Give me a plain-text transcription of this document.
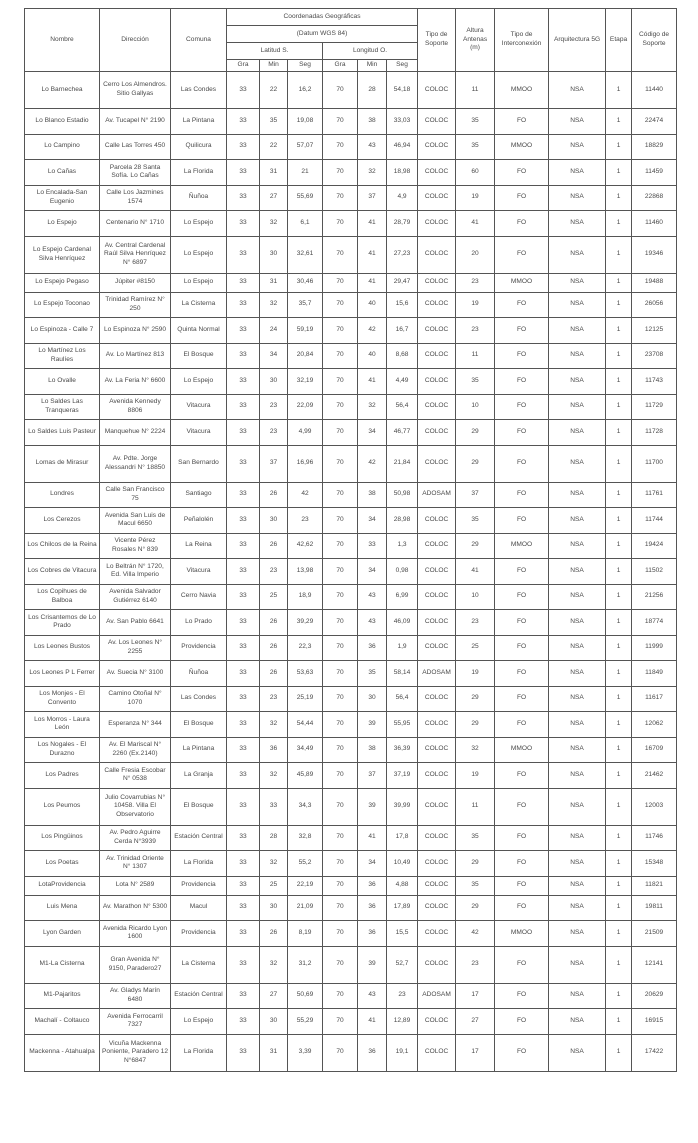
Nombre	Dirección	Comuna	Coordenadas Geográficas						Tipo de Soporte	Altura Antenas (m)	Tipo de Interconexión	Arquitectura 5G	Etapa	Código de Soporte
			(Datum WGS 84)											
			Latitud S.			Longitud O.								
			Gra	Min	Seg	Gra	Min	Seg						
Lo Barnechea	Cerro Los Almendros. Sitio Gallyas	Las Condes	33	22	16,2	70	28	54,18	COLOC	11	MMOO	NSA	1	11440
Lo Blanco Estadio	Av. Tucapel N° 2190	La Pintana	33	35	19,08	70	38	33,03	COLOC	35	FO	NSA	1	22474
Lo Campino	Calle Las Torres 450	Quilicura	33	22	57,07	70	43	46,94	COLOC	35	MMOO	NSA	1	18829
Lo Cañas	Parcela 28 Santa Sofía. Lo Cañas	La Florida	33	31	21	70	32	18,98	COLOC	60	FO	NSA	1	11459
Lo Encalada-San Eugenio	Calle Los Jazmines 1574	Ñuñoa	33	27	55,69	70	37	4,9	COLOC	19	FO	NSA	1	22868
Lo Espejo	Centenario N° 1710	Lo Espejo	33	32	6,1	70	41	28,79	COLOC	41	FO	NSA	1	11460
Lo Espejo Cardenal Silva Henríquez	Av. Central Cardenal Raúl Silva Henríquez N° 6897	Lo Espejo	33	30	32,61	70	41	27,23	COLOC	20	FO	NSA	1	19346
Lo Espejo Pegaso	Júpiter #8150	Lo Espejo	33	31	30,46	70	41	29,47	COLOC	23	MMOO	NSA	1	19488
Lo Espejo Toconao	Trinidad Ramírez N° 250	La Cisterna	33	32	35,7	70	40	15,6	COLOC	19	FO	NSA	1	26056
Lo Espinoza - Calle 7	Lo Espinoza N° 2590	Quinta Normal	33	24	59,19	70	42	16,7	COLOC	23	FO	NSA	1	12125
Lo Martínez Los Raulíes	Av. Lo Martínez 813	El Bosque	33	34	20,84	70	40	8,68	COLOC	11	FO	NSA	1	23708
Lo Ovalle	Av. La Feria N° 6600	Lo Espejo	33	30	32,19	70	41	4,49	COLOC	35	FO	NSA	1	11743
Lo Saldes Las Tranqueras	Avenida Kennedy 8806	Vitacura	33	23	22,09	70	32	56,4	COLOC	10	FO	NSA	1	11729
Lo Saldes Luis Pasteur	Manquehue N° 2224	Vitacura	33	23	4,99	70	34	46,77	COLOC	29	FO	NSA	1	11728
Lomas de Mirasur	Av. Pdte. Jorge Alessandri N° 18850	San Bernardo	33	37	16,96	70	42	21,84	COLOC	29	FO	NSA	1	11700
Londres	Calle San Francisco 75	Santiago	33	26	42	70	38	50,98	ADOSAM	37	FO	NSA	1	11761
Los Cerezos	Avenida San Luis de Macul 6650	Peñalolén	33	30	23	70	34	28,98	COLOC	35	FO	NSA	1	11744
Los Chilcos de la Reina	Vicente Pérez Rosales N° 839	La Reina	33	26	42,62	70	33	1,3	COLOC	29	MMOO	NSA	1	19424
Los Cobres de Vitacura	Lo Beltrán N° 1720, Ed. Villa Imperio	Vitacura	33	23	13,98	70	34	0,98	COLOC	41	FO	NSA	1	11502
Los Copihues de Balboa	Avenida Salvador Gutiérrez 6140	Cerro Navia	33	25	18,9	70	43	6,99	COLOC	10	FO	NSA	1	21256
Los Crisantemos de Lo Prado	Av. San Pablo 6641	Lo Prado	33	26	39,29	70	43	46,09	COLOC	23	FO	NSA	1	18774
Los Leones Bustos	Av. Los Leones N° 2255	Providencia	33	26	22,3	70	36	1,9	COLOC	25	FO	NSA	1	11999
Los Leones P L Ferrer	Av. Suecia N° 3100	Ñuñoa	33	26	53,63	70	35	58,14	ADOSAM	19	FO	NSA	1	11849
Los Monjes - El Convento	Camino Otoñal N° 1070	Las Condes	33	23	25,19	70	30	56,4	COLOC	29	FO	NSA	1	11617
Los Morros - Laura León	Esperanza N° 344	El Bosque	33	32	54,44	70	39	55,95	COLOC	29	FO	NSA	1	12062
Los Nogales - El Durazno	Av. El Mariscal N° 2260 (Ex.2140)	La Pintana	33	36	34,49	70	38	36,39	COLOC	32	MMOO	NSA	1	16709
Los Padres	Calle Fresia Escobar N° 0538	La Granja	33	32	45,89	70	37	37,19	COLOC	19	FO	NSA	1	21462
Los Peumos	Julio Covarrubias N° 10458. Villa El Observatorio	El Bosque	33	33	34,3	70	39	39,99	COLOC	11	FO	NSA	1	12003
Los Pingüinos	Av. Pedro Aguirre Cerda N°3939	Estación Central	33	28	32,8	70	41	17,8	COLOC	35	FO	NSA	1	11746
Los Poetas	Av. Trinidad Oriente N° 1307	La Florida	33	32	55,2	70	34	10,49	COLOC	29	FO	NSA	1	15348
LotaProvidencia	Lota N° 2589	Providencia	33	25	22,19	70	36	4,88	COLOC	35	FO	NSA	1	11821
Luis Mena	Av. Marathon N° 5300	Macul	33	30	21,09	70	36	17,89	COLOC	29	FO	NSA	1	19811
Lyon Garden	Avenida Ricardo Lyon 1600	Providencia	33	26	8,19	70	36	15,5	COLOC	42	MMOO	NSA	1	21509
M1-La Cisterna	Gran Avenida N° 9150, Paradero27	La Cisterna	33	32	31,2	70	39	52,7	COLOC	23	FO	NSA	1	12141
M1-Pajaritos	Av. Gladys Marín 6480	Estación Central	33	27	50,69	70	43	23	ADOSAM	17	FO	NSA	1	20629
Machalí - Coltauco	Avenida Ferrocarril 7327	Lo Espejo	33	30	55,29	70	41	12,89	COLOC	27	FO	NSA	1	16915
Mackenna - Atahualpa	Vicuña Mackenna Poniente, Paradero 12 N°6847	La Florida	33	31	3,39	70	36	19,1	COLOC	17	FO	NSA	1	17422
